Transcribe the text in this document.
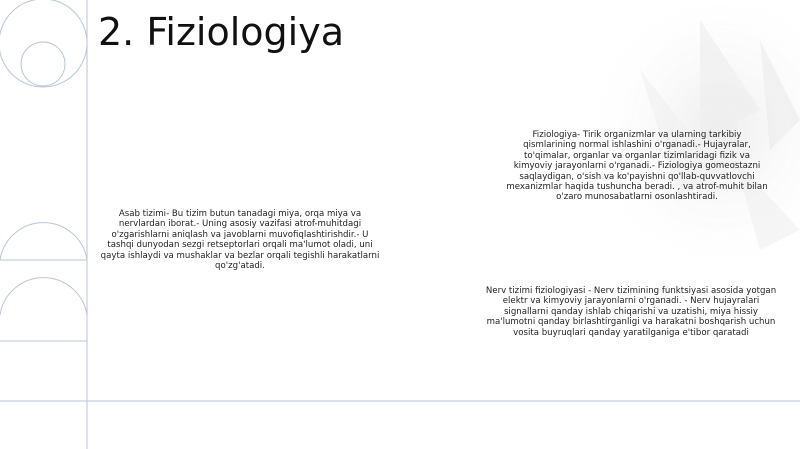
2. Fiziologiya

Fiziologiya- Tirik organizmlar va ularning tarkibiy qismlarining normal ishlashini o'rganadi.- Hujayralar, to'qimalar, organlar va organlar tizimlaridagi fizik va kimyoviy jarayonlarni o'rganadi.- Fiziologiya gomeostazni saqlaydigan, o'sish va ko'payishni qo'llab-quvvatlovchi mexanizmlar haqida tushuncha beradi. , va atrof-muhit bilan o'zaro munosabatlarni osonlashtiradi.

Asab tizimi- Bu tizim butun tanadagi miya, orqa miya va nervlardan iborat.- Uning asosiy vazifasi atrof-muhitdagi o'zgarishlarni aniqlash va javoblarni muvofiqlashtirishdir.- U tashqi dunyodan sezgi retseptorlari orqali ma'lumot oladi, uni qayta ishlaydi va mushaklar va bezlar orqali tegishli harakatlarni qo'zg'atadi.

Nerv tizimi fiziologiyasi - Nerv tizimining funktsiyasi asosida yotgan elektr va kimyoviy jarayonlarni o'rganadi. - Nerv hujayralari signallarni qanday ishlab chiqarishi va uzatishi, miya hissiy ma'lumotni qanday birlashtirganligi va harakatni boshqarish uchun vosita buyruqlari qanday yaratilganiga e'tibor qaratadi
